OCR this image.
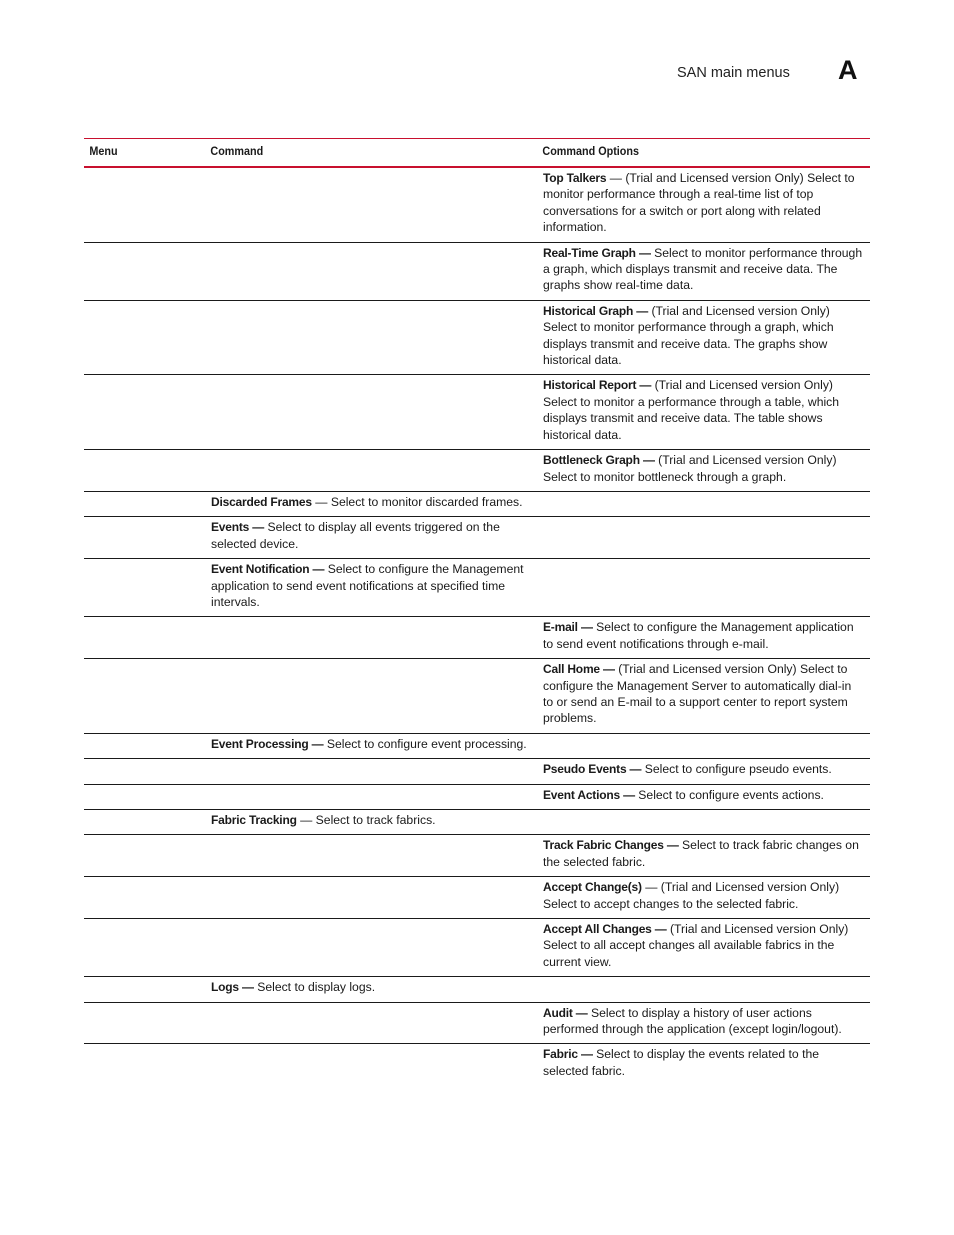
SAN main menus A
Menu	Command	Command Options
Top Talkers — (Trial and Licensed version Only) Select to monitor performance through a real-time list of top conversations for a switch or port along with related information.
Real-Time Graph — Select to monitor performance through a graph, which displays transmit and receive data. The graphs show real-time data.
Historical Graph — (Trial and Licensed version Only) Select to monitor performance through a graph, which displays transmit and receive data. The graphs show historical data.
Historical Report — (Trial and Licensed version Only) Select to monitor a performance through a table, which displays transmit and receive data. The table shows historical data.
Bottleneck Graph — (Trial and Licensed version Only) Select to monitor bottleneck through a graph.
Discarded Frames — Select to monitor discarded frames.
Events — Select to display all events triggered on the selected device.
Event Notification — Select to configure the Management application to send event notifications at specified time intervals.
E-mail — Select to configure the Management application to send event notifications through e-mail.
Call Home — (Trial and Licensed version Only) Select to configure the Management Server to automatically dial-in to or send an E-mail to a support center to report system problems.
Event Processing — Select to configure event processing.
Pseudo Events — Select to configure pseudo events.
Event Actions — Select to configure events actions.
Fabric Tracking — Select to track fabrics.
Track Fabric Changes — Select to track fabric changes on the selected fabric.
Accept Change(s) — (Trial and Licensed version Only) Select to accept changes to the selected fabric.
Accept All Changes — (Trial and Licensed version Only) Select to all accept changes all available fabrics in the current view.
Logs — Select to display logs.
Audit — Select to display a history of user actions performed through the application (except login/logout).
Fabric — Select to display the events related to the selected fabric.
